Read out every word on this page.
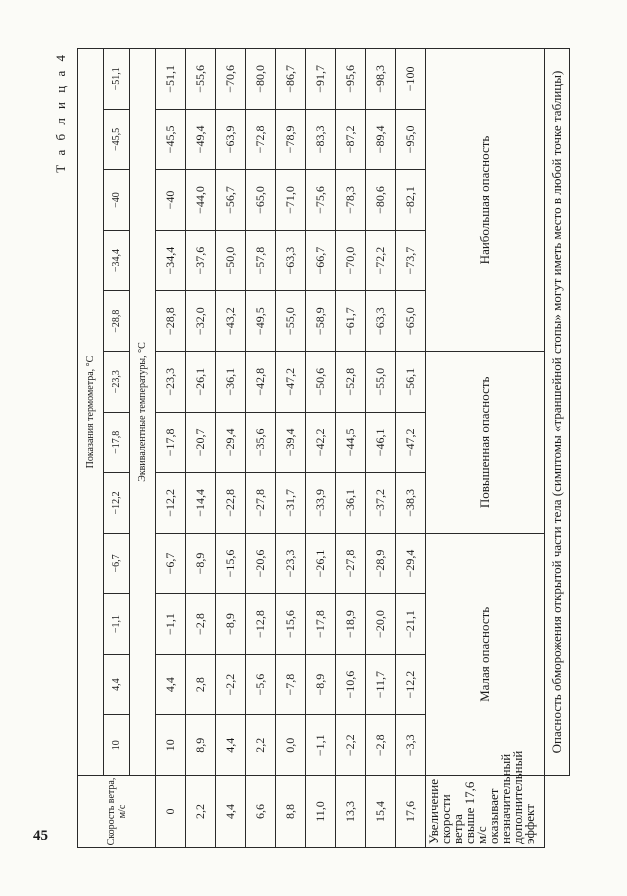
Т а б л и ц а 4
Скорость ветра, м/с	Показания термометра, °С											
	10	4,4	−1,1	−6,7	−12,2	−17,8	−23,3	−28,8	−34,4	−40	−45,5	−51,1
	Эквивалентные температуры, °С											
0	10	4,4	−1,1	−6,7	−12,2	−17,8	−23,3	−28,8	−34,4	−40	−45,5	−51,1
2,2	8,9	2,8	−2,8	−8,9	−14,4	−20,7	−26,1	−32,0	−37,6	−44,0	−49,4	−55,6
4,4	4,4	−2,2	−8,9	−15,6	−22,8	−29,4	−36,1	−43,2	−50,0	−56,7	−63,9	−70,6
6,6	2,2	−5,6	−12,8	−20,6	−27,8	−35,6	−42,8	−49,5	−57,8	−65,0	−72,8	−80,0
8,8	0,0	−7,8	−15,6	−23,3	−31,7	−39,4	−47,2	−55,0	−63,3	−71,0	−78,9	−86,7
11,0	−1,1	−8,9	−17,8	−26,1	−33,9	−42,2	−50,6	−58,9	−66,7	−75,6	−83,3	−91,7
13,3	−2,2	−10,6	−18,9	−27,8	−36,1	−44,5	−52,8	−61,7	−70,0	−78,3	−87,2	−95,6
15,4	−2,8	−11,7	−20,0	−28,9	−37,2	−46,1	−55,0	−63,3	−72,2	−80,6	−89,4	−98,3
17,6	−3,3	−12,2	−21,1	−29,4	−38,3	−47,2	−56,1	−65,0	−73,7	−82,1	−95,0	−100
Увеличение скорости ветра свыше 17,6 м/с оказывает незначительный дополнительный эффект	Малая опасность				Повышенная опасность			Наибольшая опасность				
	Опасность обморожения открытой части тела (симптомы «траншейной стопы» могут иметь место в любой точке таблицы)											
45
